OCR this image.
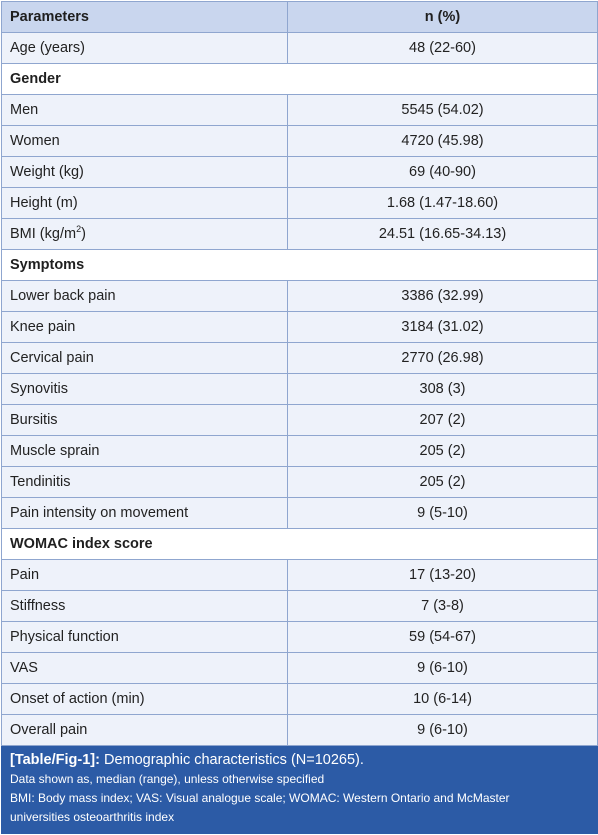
Parameters	n (%)
Age (years)	48 (22-60)
Gender	
Men	5545 (54.02)
Women	4720 (45.98)
Weight (kg)	69 (40-90)
Height (m)	1.68 (1.47-18.60)
BMI $(kg/m^2)$	24.51 (16.65-34.13)
Symptoms	
Lower back pain	3386 (32.99)
Knee pain	3184 (31.02)
Cervical pain	2770 (26.98)
Synovitis	308 (3)
Bursitis	207 (2)
Muscle sprain	205 (2)
Tendinitis	205 (2)
Pain intensity on movement	9 (5-10)
WOMAC index score	
Pain	17 (13-20)
Stiffness	7 (3-8)
Physical function	59 (54-67)
VAS	9 (6-10)
Onset of action (min)	10 (6-14)
Overall pain	9 (6-10)
[Table/Fig-1]: Demographic characteristics (N=10265).
Data shown as, median (range), unless otherwise specified
BMI: Body mass index; VAS: Visual analogue scale; WOMAC: Western Ontario and McMaster
universities osteoarthritis index
